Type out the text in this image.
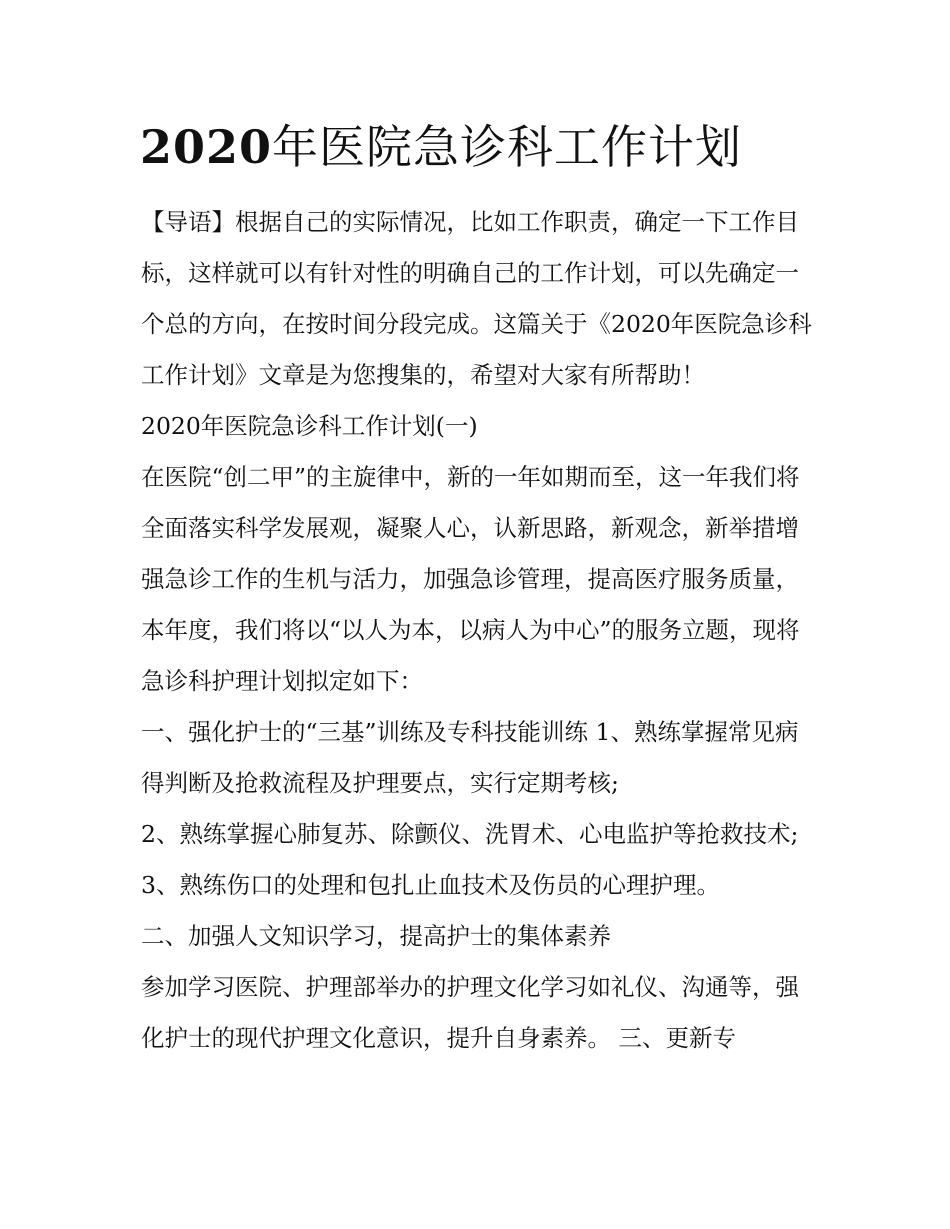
2020年医院急诊科工作计划

【导语】根据自己的实际情况，比如工作职责，确定一下工作目标，这样就可以有针对性的明确自己的工作计划，可以先确定一个总的方向，在按时间分段完成。这篇关于《2020年医院急诊科工作计划》文章是为您搜集的，希望对大家有所帮助！

2020年医院急诊科工作计划(一)

在医院“创二甲”的主旋律中，新的一年如期而至，这一年我们将全面落实科学发展观，凝聚人心，认新思路，新观念，新举措增强急诊工作的生机与活力，加强急诊管理，提高医疗服务质量，本年度，我们将以“以人为本，以病人为中心”的服务立题，现将急诊科护理计划拟定如下：

一、强化护士的“三基”训练及专科技能训练 1、熟练掌握常见病得判断及抢救流程及护理要点，实行定期考核;

2、熟练掌握心肺复苏、除颤仪、洗胃术、心电监护等抢救技术; 3、熟练伤口的处理和包扎止血技术及伤员的心理护理。

二、加强人文知识学习，提高护士的集体素养

参加学习医院、护理部举办的护理文化学习如礼仪、沟通等，强化护士的现代护理文化意识，提升自身素养。 三、更新专
